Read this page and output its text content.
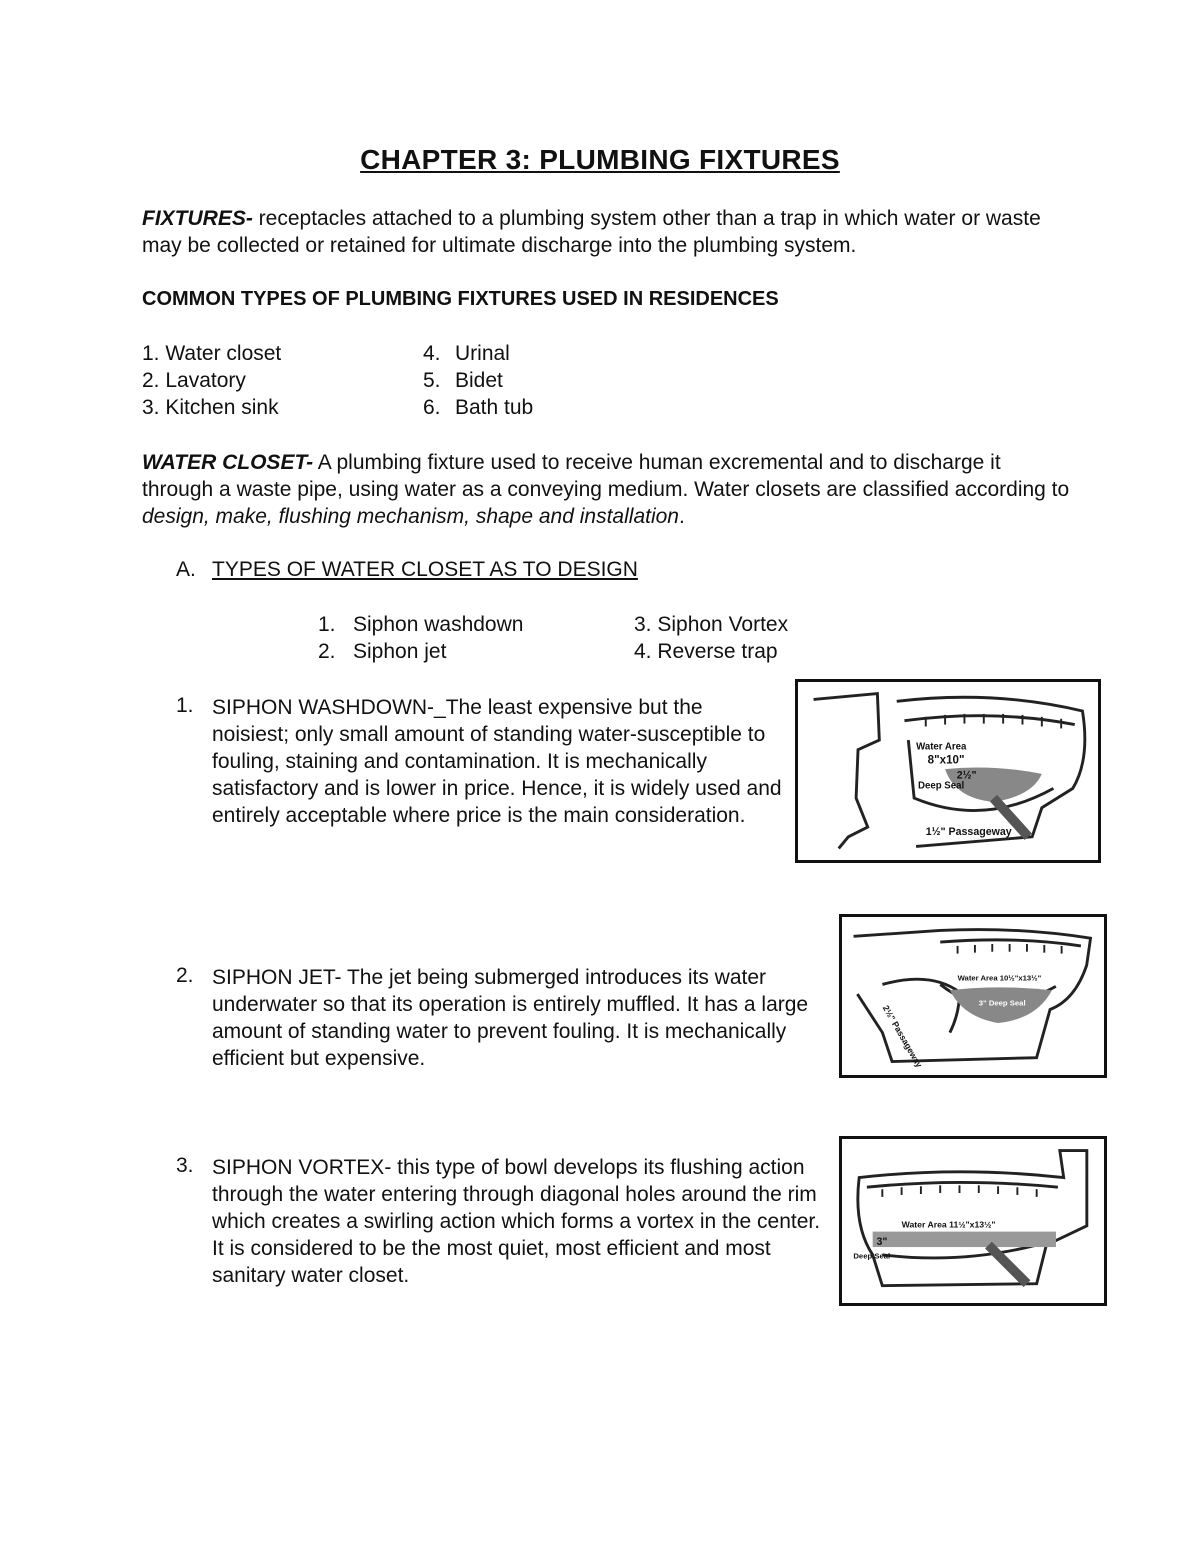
CHAPTER 3: PLUMBING FIXTURES
FIXTURES- receptacles attached to a plumbing system other than a trap in which water or waste may be collected or retained for ultimate discharge into the plumbing system.
COMMON TYPES OF PLUMBING FIXTURES USED IN RESIDENCES
1. Water closet
2. Lavatory
3. Kitchen sink
4. Urinal
5. Bidet
6. Bath tub
WATER CLOSET- A plumbing fixture used to receive human excremental and to discharge it through a waste pipe, using water as a conveying medium. Water closets are classified according to design, make, flushing mechanism, shape and installation.
A. TYPES OF WATER CLOSET AS TO DESIGN
1. Siphon washdown
2. Siphon jet
3. Siphon Vortex
4. Reverse trap
1. SIPHON WASHDOWN-_The least expensive but the noisiest; only small amount of standing water-susceptible to fouling, staining and contamination. It is mechanically satisfactory and is lower in price. Hence, it is widely used and entirely acceptable where price is the main consideration.
Water Area
8"x10"
Deep Seal
2½"
1½" Passageway
2. SIPHON JET- The jet being submerged introduces its water underwater so that its operation is entirely muffled. It has a large amount of standing water to prevent fouling. It is mechanically efficient but expensive.
Water Area 10½"x13½"
3" Deep Seal
2½" Passageway
3. SIPHON VORTEX- this type of bowl develops its flushing action through the water entering through diagonal holes around the rim which creates a swirling action which forms a vortex in the center. It is considered to be the most quiet, most efficient and most sanitary water closet.
Water Area 11½"x13½"
3"
Deep Seal
